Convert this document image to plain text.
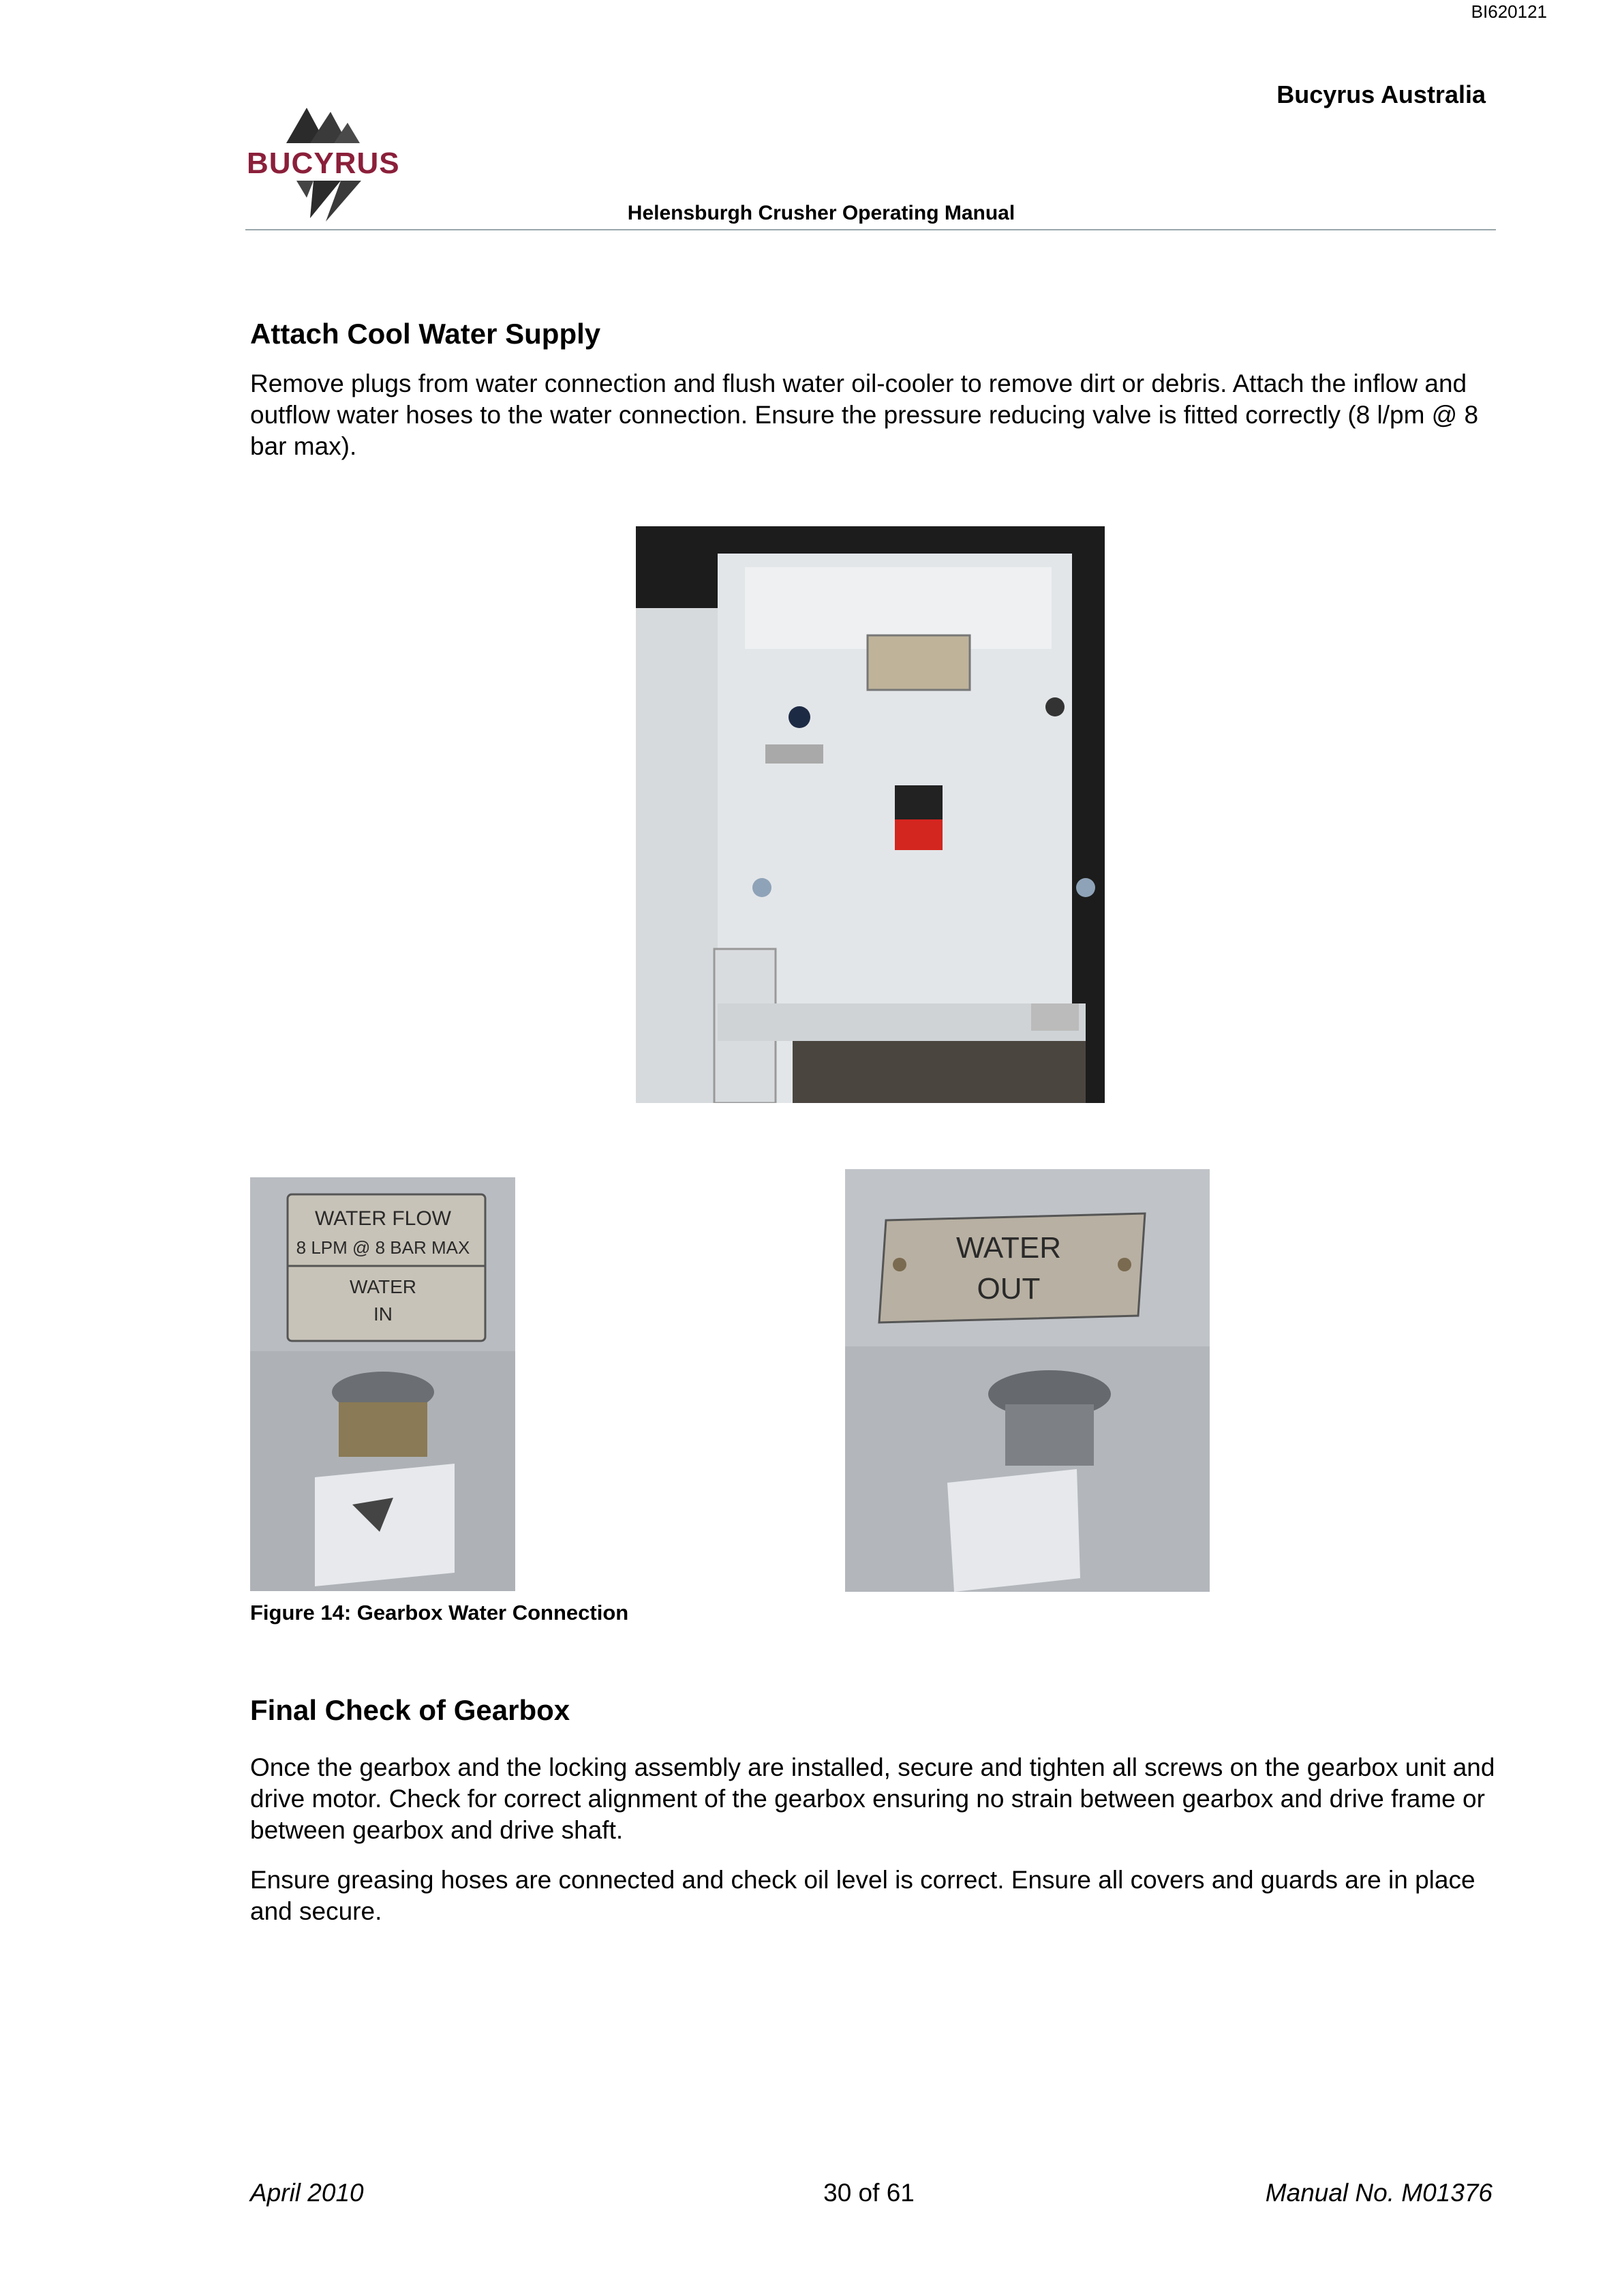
BI620121
Bucyrus Australia
BUCYRUS
Helensburgh Crusher Operating Manual
Attach Cool Water Supply
Remove plugs from water connection and flush water oil-cooler to remove dirt or debris. Attach the inflow and outflow water hoses to the water connection. Ensure the pressure reducing valve is fitted correctly (8 l/pm @ 8 bar max).
WATER FLOW
8 LPM @ 8 BAR MAX
WATER
IN
WATER
OUT
Figure 14: Gearbox Water Connection
Final Check of Gearbox
Once the gearbox and the locking assembly are installed, secure and tighten all screws on the gearbox unit and drive motor. Check for correct alignment of the gearbox ensuring no strain between gearbox and drive frame or between gearbox and drive shaft.
Ensure greasing hoses are connected and check oil level is correct. Ensure all covers and guards are in place and secure.
April 2010	30 of 61	Manual No. M01376
